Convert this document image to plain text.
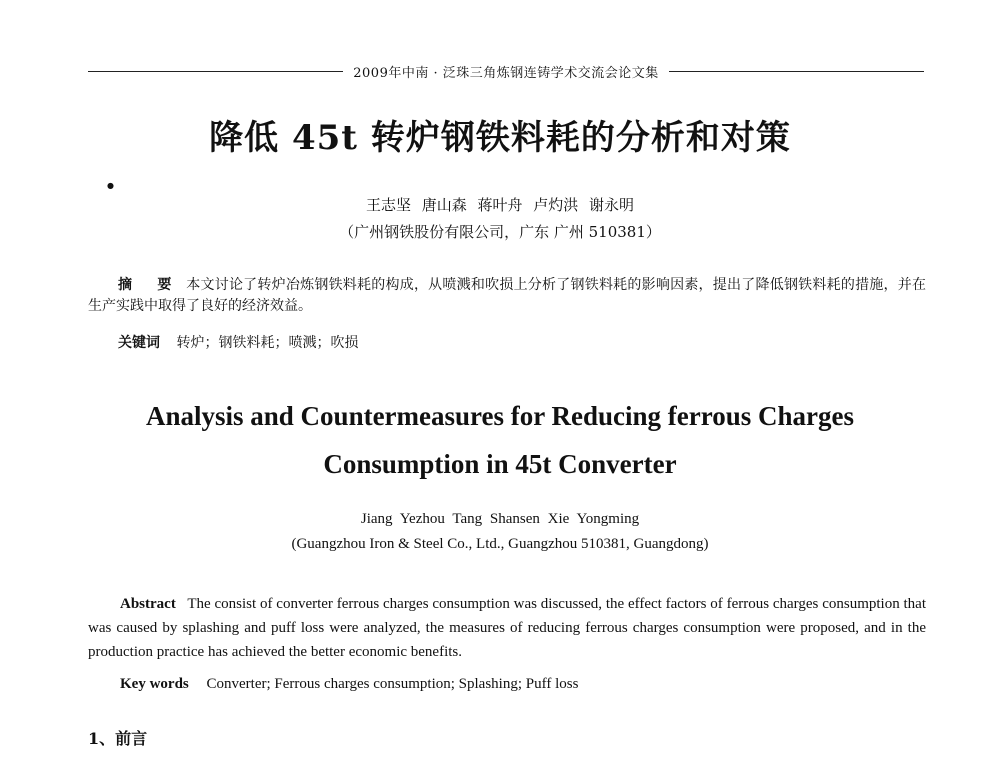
2009年中南 · 泛珠三角炼钢连铸学术交流会论文集
降低 45t 转炉钢铁料耗的分析和对策
●
王志坚 唐山森 蒋叶舟 卢灼洪 谢永明
（广州钢铁股份有限公司，广东 广州 510381）
摘 要 本文讨论了转炉冶炼钢铁料耗的构成，从喷溅和吹损上分析了钢铁料耗的影响因素，提出了降低钢铁料耗的措施，并在生产实践中取得了良好的经济效益。
关键词 转炉；钢铁料耗；喷溅；吹损
Analysis and Countermeasures for Reducing ferrous Charges
Consumption in 45t Converter
Jiang Yezhou Tang Shansen Xie Yongming
(Guangzhou Iron & Steel Co., Ltd., Guangzhou 510381, Guangdong)
Abstract The consist of converter ferrous charges consumption was discussed, the effect factors of ferrous charges consumption that was caused by splashing and puff loss were analyzed, the measures of reducing ferrous charges consumption were proposed, and in the production practice has achieved the better economic benefits.
Key words Converter; Ferrous charges consumption; Splashing; Puff loss
1、前言
